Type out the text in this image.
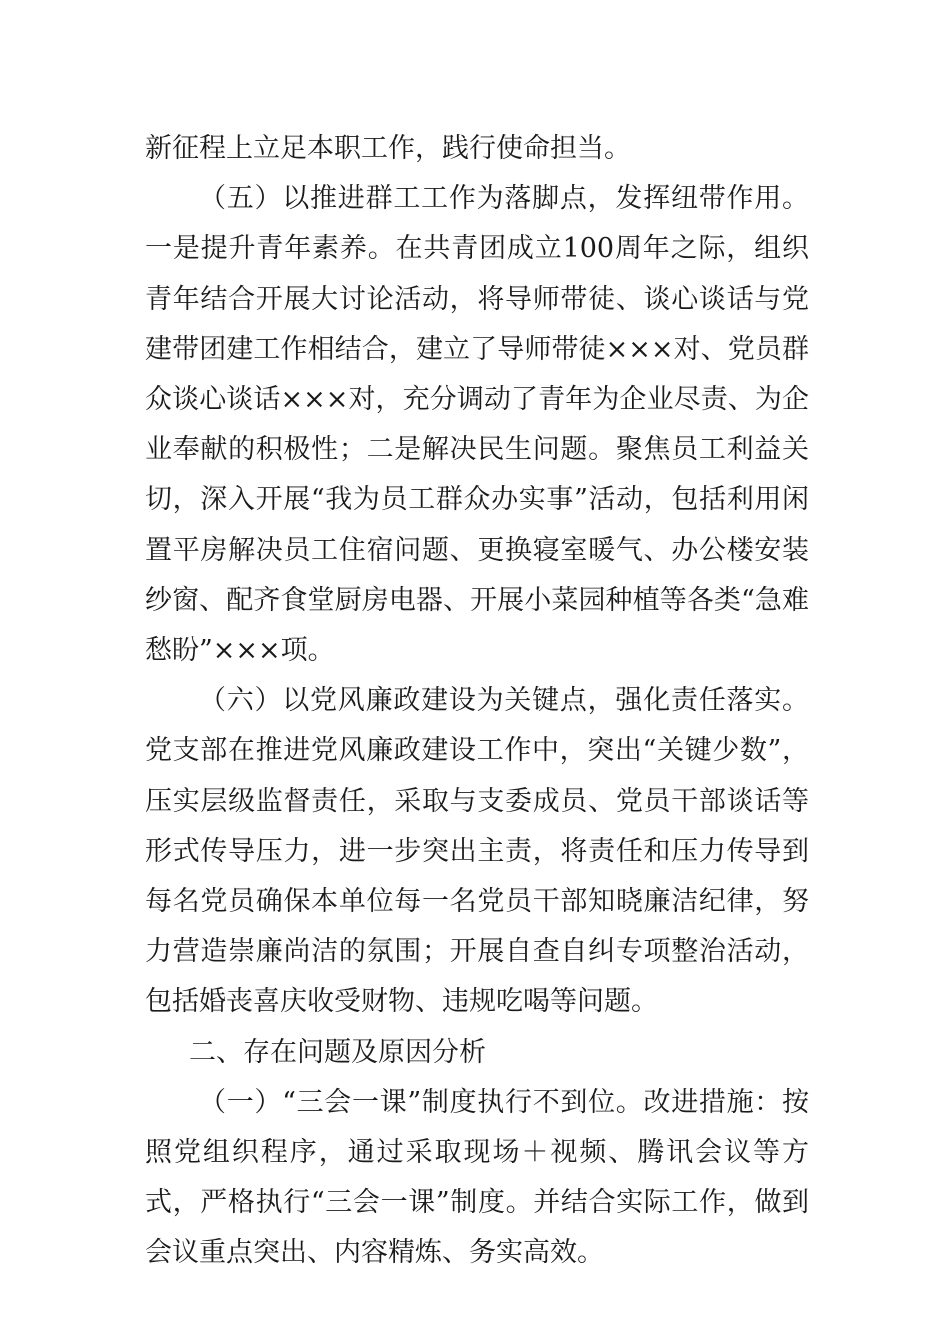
新征程上立足本职工作，践行使命担当。

（五）以推进群工工作为落脚点，发挥纽带作用。一是提升青年素养。在共青团成立100周年之际，组织青年结合开展大讨论活动，将导师带徒、谈心谈话与党建带团建工作相结合，建立了导师带徒×××对、党员群众谈心谈话×××对，充分调动了青年为企业尽责、为企业奉献的积极性；二是解决民生问题。聚焦员工利益关切，深入开展“我为员工群众办实事”活动，包括利用闲置平房解决员工住宿问题、更换寝室暖气、办公楼安装纱窗、配齐食堂厨房电器、开展小菜园种植等各类“急难愁盼”×××项。

（六）以党风廉政建设为关键点，强化责任落实。党支部在推进党风廉政建设工作中，突出“关键少数”，压实层级监督责任，采取与支委成员、党员干部谈话等形式传导压力，进一步突出主责，将责任和压力传导到每名党员确保本单位每一名党员干部知晓廉洁纪律，努力营造崇廉尚洁的氛围；开展自查自纠专项整治活动，包括婚丧喜庆收受财物、违规吃喝等问题。

二、存在问题及原因分析

（一）“三会一课”制度执行不到位。改进措施：按照党组织程序，通过采取现场＋视频、腾讯会议等方式，严格执行“三会一课”制度。并结合实际工作，做到会议重点突出、内容精炼、务实高效。
